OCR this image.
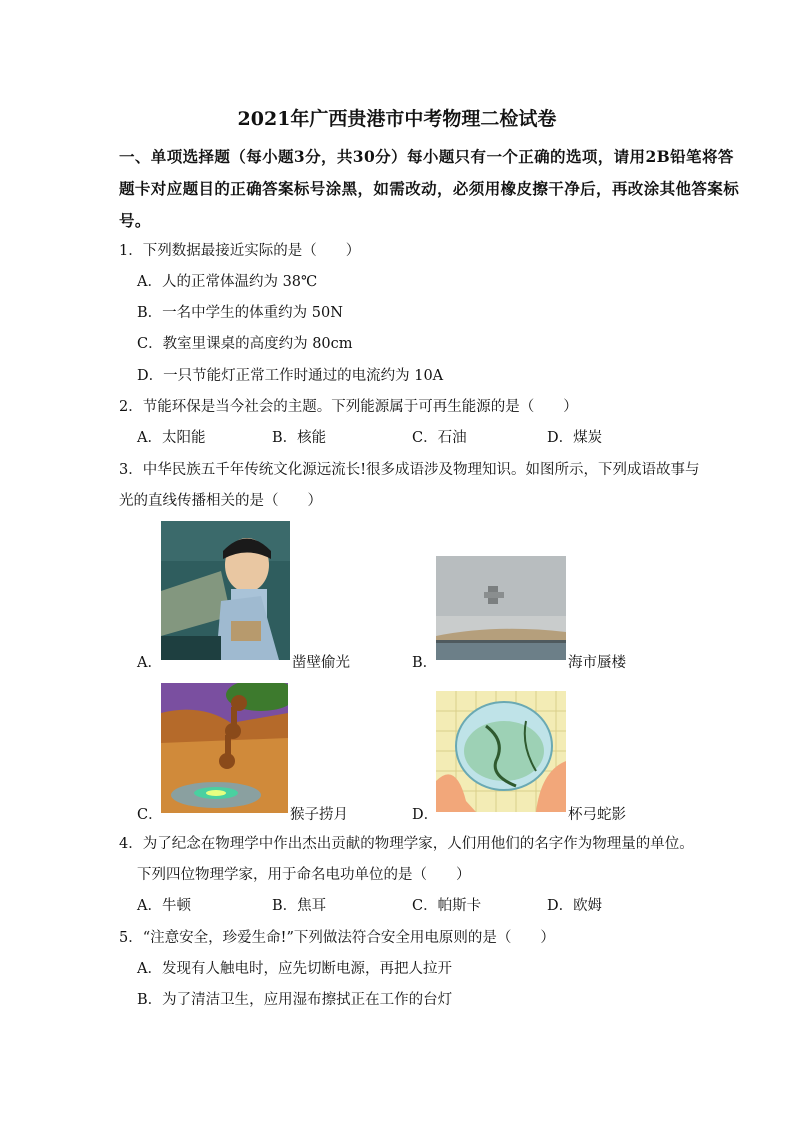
2021年广西贵港市中考物理二检试卷
一、单项选择题（每小题3分，共30分）每小题只有一个正确的选项，请用2B铅笔将答
题卡对应题目的正确答案标号涂黑，如需改动，必须用橡皮擦干净后，再改涂其他答案标
号。
1．下列数据最接近实际的是（　　）
A．人的正常体温约为 38℃
B．一名中学生的体重约为 50N
C．教室里课桌的高度约为 80cm
D．一只节能灯正常工作时通过的电流约为 10A
2．节能环保是当今社会的主题。下列能源属于可再生能源的是（　　）
A．太阳能	B．核能	C．石油	D．煤炭
3．中华民族五千年传统文化源远流长!很多成语涉及物理知识。如图所示，下列成语故事与
光的直线传播相关的是（　　）
A．	凿壁偷光	B．	海市蜃楼
C．	猴子捞月	D．	杯弓蛇影
4．为了纪念在物理学中作出杰出贡献的物理学家，人们用他们的名字作为物理量的单位。
下列四位物理学家，用于命名电功单位的是（　　）
A．牛顿	B．焦耳	C．帕斯卡	D．欧姆
5．“注意安全，珍爱生命!”下列做法符合安全用电原则的是（　　）
A．发现有人触电时，应先切断电源，再把人拉开
B．为了清洁卫生，应用湿布擦拭正在工作的台灯
